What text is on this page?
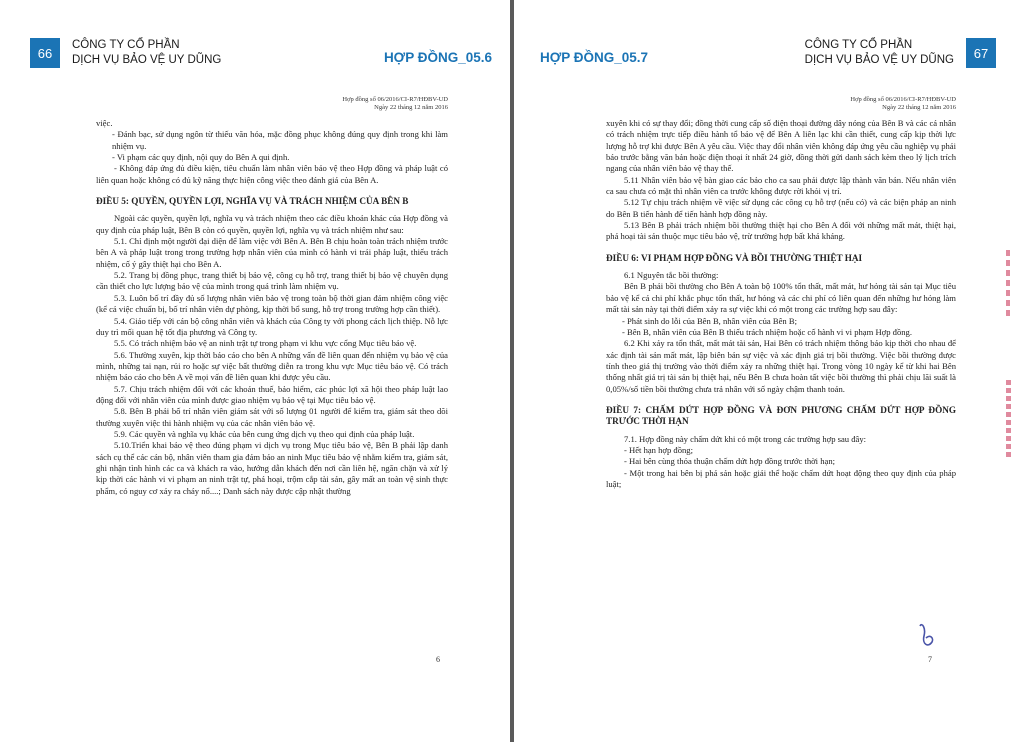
66
CÔNG TY CỔ PHẦN
DỊCH VỤ BẢO VỆ UY DŨNG	HỢP ĐỒNG_05.6
Hợp đồng số 06/2016/CI-R7/HĐBV-UD
Ngày 22 tháng 12 năm 2016

việc.

- Đánh bạc, sử dụng ngôn từ thiếu văn hóa, mặc đồng phục không đúng quy định trong khi làm nhiệm vụ.

- Vi phạm các quy định, nội quy do Bên A qui định.

- Không đáp ứng đủ điều kiện, tiêu chuẩn làm nhân viên bảo vệ theo Hợp đồng và pháp luật có liên quan hoặc không có đủ kỹ năng thực hiện công việc theo đánh giá của Bên A.

ĐIỀU 5: QUYỀN, QUYỀN LỢI, NGHĨA VỤ VÀ TRÁCH NHIỆM CỦA BÊN B

Ngoài các quyền, quyền lợi, nghĩa vụ và trách nhiệm theo các điều khoản khác của Hợp đồng và quy định của pháp luật, Bên B còn có quyền, quyền lợi, nghĩa vụ và trách nhiệm như sau:

5.1. Chỉ định một người đại diện để làm việc với Bên A. Bên B chịu hoàn toàn trách nhiệm trước bên A và pháp luật trong trong trường hợp nhân viên của mình có hành vi trái pháp luật, thiếu trách nhiệm, cố ý gây thiệt hại cho Bên A.

5.2. Trang bị đồng phục, trang thiết bị bảo vệ, công cụ hỗ trợ, trang thiết bị bảo vệ chuyên dụng cần thiết cho lực lượng bảo vệ của mình trong quá trình làm nhiệm vụ.

5.3. Luôn bố trí đầy đủ số lượng nhân viên bảo vệ trong toàn bộ thời gian đảm nhiệm công việc (kể cả việc chuẩn bị, bố trí nhân viên dự phòng, kịp thời bổ sung, hỗ trợ trong trường hợp cần thiết).

5.4. Giáo tiếp với cán bộ công nhân viên và khách của Công ty với phong cách lịch thiệp. Nỗ lực duy trì mối quan hệ tốt địa phương và Công ty.

5.5. Có trách nhiệm bảo vệ an ninh trật tự trong phạm vi khu vực cổng Mục tiêu bảo vệ.

5.6. Thường xuyên, kịp thời báo cáo cho bên A những vấn đề liên quan đến nhiệm vụ bảo vệ của mình, những tai nạn, rủi ro hoặc sự việc bất thường diễn ra trong khu vực Mục tiêu bảo vệ. Có trách nhiệm báo cáo cho bên A về mọi vấn đề liên quan khi được yêu cầu.

5.7. Chịu trách nhiệm đối với các khoản thuế, bảo hiểm, các phúc lợi xã hội theo pháp luật lao động đối với nhân viên của mình được giao nhiệm vụ bảo vệ tại Mục tiêu bảo vệ.

5.8. Bên B phải bố trí nhân viên giám sát với số lượng 01 người để kiểm tra, giám sát theo dõi thường xuyên việc thi hành nhiệm vụ của các nhân viên bảo vệ.

5.9. Các quyền và nghĩa vụ khác của bên cung ứng dịch vụ theo qui định của pháp luật.

5.10.Triển khai bảo vệ theo đúng phạm vi dịch vụ trong Mục tiêu bảo vệ, Bên B phải lập danh sách cụ thể các cán bộ, nhân viên tham gia đảm bảo an ninh Mục tiêu bảo vệ nhằm kiểm tra, giám sát, ghi nhận tình hình các ca và khách ra vào, hướng dẫn khách đến nơi cần liên hệ, ngăn chặn và xử lý kịp thời các hành vi vi phạm an ninh trật tự, phá hoại, trộm cắp tài sản, gây mất an toàn vệ sinh thực phẩm, có nguy cơ xảy ra cháy nổ....; Danh sách này được cập nhật thường

6
67
CÔNG TY CỔ PHẦN
DỊCH VỤ BẢO VỆ UY DŨNG
HỢP ĐỒNG_05.7
Hợp đồng số 06/2016/CI-R7/HĐBV-UD
Ngày 22 tháng 12 năm 2016

xuyên khi có sự thay đổi; đồng thời cung cấp số điện thoại đường dây nóng của Bên B và các cá nhân có trách nhiệm trực tiếp điều hành tổ bảo vệ để Bên A liên lạc khi cần thiết, cung cấp kịp thời lực lượng hỗ trợ khi được Bên A yêu cầu. Việc thay đổi nhân viên không đáp ứng yêu cầu nghiệp vụ phải báo trước bằng văn bản hoặc điện thoại ít nhất 24 giờ, đồng thời gửi danh sách kèm theo lý lịch trích ngang của nhân viên bảo vệ thay thế.

5.11 Nhân viên bảo vệ bàn giao các bảo cho ca sau phải được lập thành văn bản. Nếu nhân viên ca sau chưa có mặt thì nhân viên ca trước không được rời khỏi vị trí.

5.12 Tự chịu trách nhiệm về việc sử dụng các công cụ hỗ trợ (nếu có) và các biện pháp an ninh do Bên B tiến hành để tiến hành hợp đồng này.

5.13 Bên B phải trách nhiệm bồi thường thiệt hại cho Bên A đối với những mất mát, thiệt hại, phá hoại tài sản thuộc mục tiêu bảo vệ, trừ trường hợp bất khả kháng.

ĐIỀU 6: VI PHẠM HỢP ĐỒNG VÀ BỒI THƯỜNG THIỆT HẠI

6.1 Nguyên tắc bồi thường:

Bên B phải bồi thường cho Bên A toàn bộ 100% tổn thất, mất mát, hư hỏng tài sản tại Mục tiêu bảo vệ kể cả chi phí khắc phục tổn thất, hư hỏng và các chi phí có liên quan đến những hư hỏng làm mất tài sản này tại thời điểm xảy ra sự việc khi có một trong các trường hợp sau đây:

- Phát sinh do lỗi của Bên B, nhân viên của Bên B;

- Bên B, nhân viên của Bên B thiếu trách nhiệm hoặc cố hành vi vi phạm Hợp đồng.

6.2 Khi xảy ra tổn thất, mất mát tài sản, Hai Bên có trách nhiệm thông báo kịp thời cho nhau để xác định tài sản mất mát, lập biên bản sự việc và xác định giá trị bồi thường. Việc bồi thường được tính theo giá thị trường vào thời điểm xảy ra những thiệt hại. Trong vòng 10 ngày kể từ khi hai Bên thống nhất giá trị tài sản bị thiệt hại, nếu Bên B chưa hoàn tất việc bồi thường thì phải chịu lãi suất là 0,05%/số tiền bồi thường chưa trả nhân với số ngày chậm thanh toán.

ĐIỀU 7: CHẤM DỨT HỢP ĐỒNG VÀ ĐƠN PHƯƠNG CHẤM DỨT HỢP ĐỒNG TRƯỚC THỜI HẠN

7.1. Hợp đồng này chấm dứt khi có một trong các trường hợp sau đây:

- Hết hạn hợp đồng;

- Hai bên cùng thỏa thuận chấm dứt hợp đồng trước thời hạn;

- Một trong hai bên bị phá sản hoặc giải thể hoặc chấm dứt hoạt động theo quy định của pháp luật;

7
